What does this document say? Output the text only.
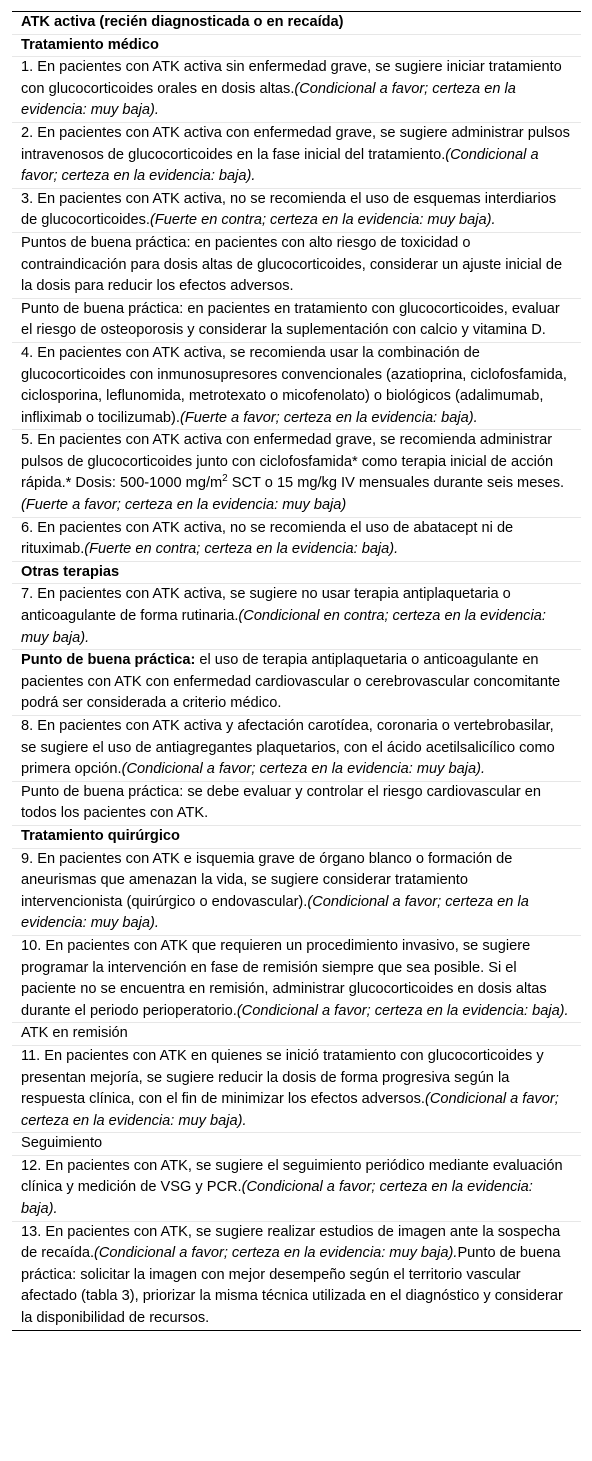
ATK activa (recién diagnosticada o en recaída)
Tratamiento médico
1. En pacientes con ATK activa sin enfermedad grave, se sugiere iniciar tratamiento con glucocorticoides orales en dosis altas.(Condicional a favor; certeza en la evidencia: muy baja).
2. En pacientes con ATK activa con enfermedad grave, se sugiere administrar pulsos intravenosos de glucocorticoides en la fase inicial del tratamiento.(Condicional a favor; certeza en la evidencia: baja).
3. En pacientes con ATK activa, no se recomienda el uso de esquemas interdiarios de glucocorticoides.(Fuerte en contra; certeza en la evidencia: muy baja).
Puntos de buena práctica: en pacientes con alto riesgo de toxicidad o contraindicación para dosis altas de glucocorticoides, considerar un ajuste inicial de la dosis para reducir los efectos adversos.
Punto de buena práctica: en pacientes en tratamiento con glucocorticoides, evaluar el riesgo de osteoporosis y considerar la suplementación con calcio y vitamina D.
4. En pacientes con ATK activa, se recomienda usar la combinación de glucocorticoides con inmunosupresores convencionales (azatioprina, ciclofosfamida, ciclosporina, leflunomida, metrotexato o micofenolato) o biológicos (adalimumab, infliximab o tocilizumab).(Fuerte a favor; certeza en la evidencia: baja).
5. En pacientes con ATK activa con enfermedad grave, se recomienda administrar pulsos de glucocorticoides junto con ciclofosfamida* como terapia inicial de acción rápida.* Dosis: 500-1000 $mg/m^2$ SCT o 15 mg/kg IV mensuales durante seis meses.(Fuerte a favor; certeza en la evidencia: muy baja)
6. En pacientes con ATK activa, no se recomienda el uso de abatacept ni de rituximab.(Fuerte en contra; certeza en la evidencia: baja).
Otras terapias
7. En pacientes con ATK activa, se sugiere no usar terapia antiplaquetaria o anticoagulante de forma rutinaria.(Condicional en contra; certeza en la evidencia: muy baja).
Punto de buena práctica: el uso de terapia antiplaquetaria o anticoagulante en pacientes con ATK con enfermedad cardiovascular o cerebrovascular concomitante podrá ser considerada a criterio médico.
8. En pacientes con ATK activa y afectación carotídea, coronaria o vertebrobasilar, se sugiere el uso de antiagregantes plaquetarios, con el ácido acetilsalicílico como primera opción.(Condicional a favor; certeza en la evidencia: muy baja).
Punto de buena práctica: se debe evaluar y controlar el riesgo cardiovascular en todos los pacientes con ATK.
Tratamiento quirúrgico
9. En pacientes con ATK e isquemia grave de órgano blanco o formación de aneurismas que amenazan la vida, se sugiere considerar tratamiento intervencionista (quirúrgico o endovascular).(Condicional a favor; certeza en la evidencia: muy baja).
10. En pacientes con ATK que requieren un procedimiento invasivo, se sugiere programar la intervención en fase de remisión siempre que sea posible. Si el paciente no se encuentra en remisión, administrar glucocorticoides en dosis altas durante el periodo perioperatorio.(Condicional a favor; certeza en la evidencia: baja).
ATK en remisión
11. En pacientes con ATK en quienes se inició tratamiento con glucocorticoides y presentan mejoría, se sugiere reducir la dosis de forma progresiva según la respuesta clínica, con el fin de minimizar los efectos adversos.(Condicional a favor; certeza en la evidencia: muy baja).
Seguimiento
12. En pacientes con ATK, se sugiere el seguimiento periódico mediante evaluación clínica y medición de VSG y PCR.(Condicional a favor; certeza en la evidencia: baja).
13. En pacientes con ATK, se sugiere realizar estudios de imagen ante la sospecha de recaída.(Condicional a favor; certeza en la evidencia: muy baja).Punto de buena práctica: solicitar la imagen con mejor desempeño según el territorio vascular afectado (tabla 3), priorizar la misma técnica utilizada en el diagnóstico y considerar la disponibilidad de recursos.
